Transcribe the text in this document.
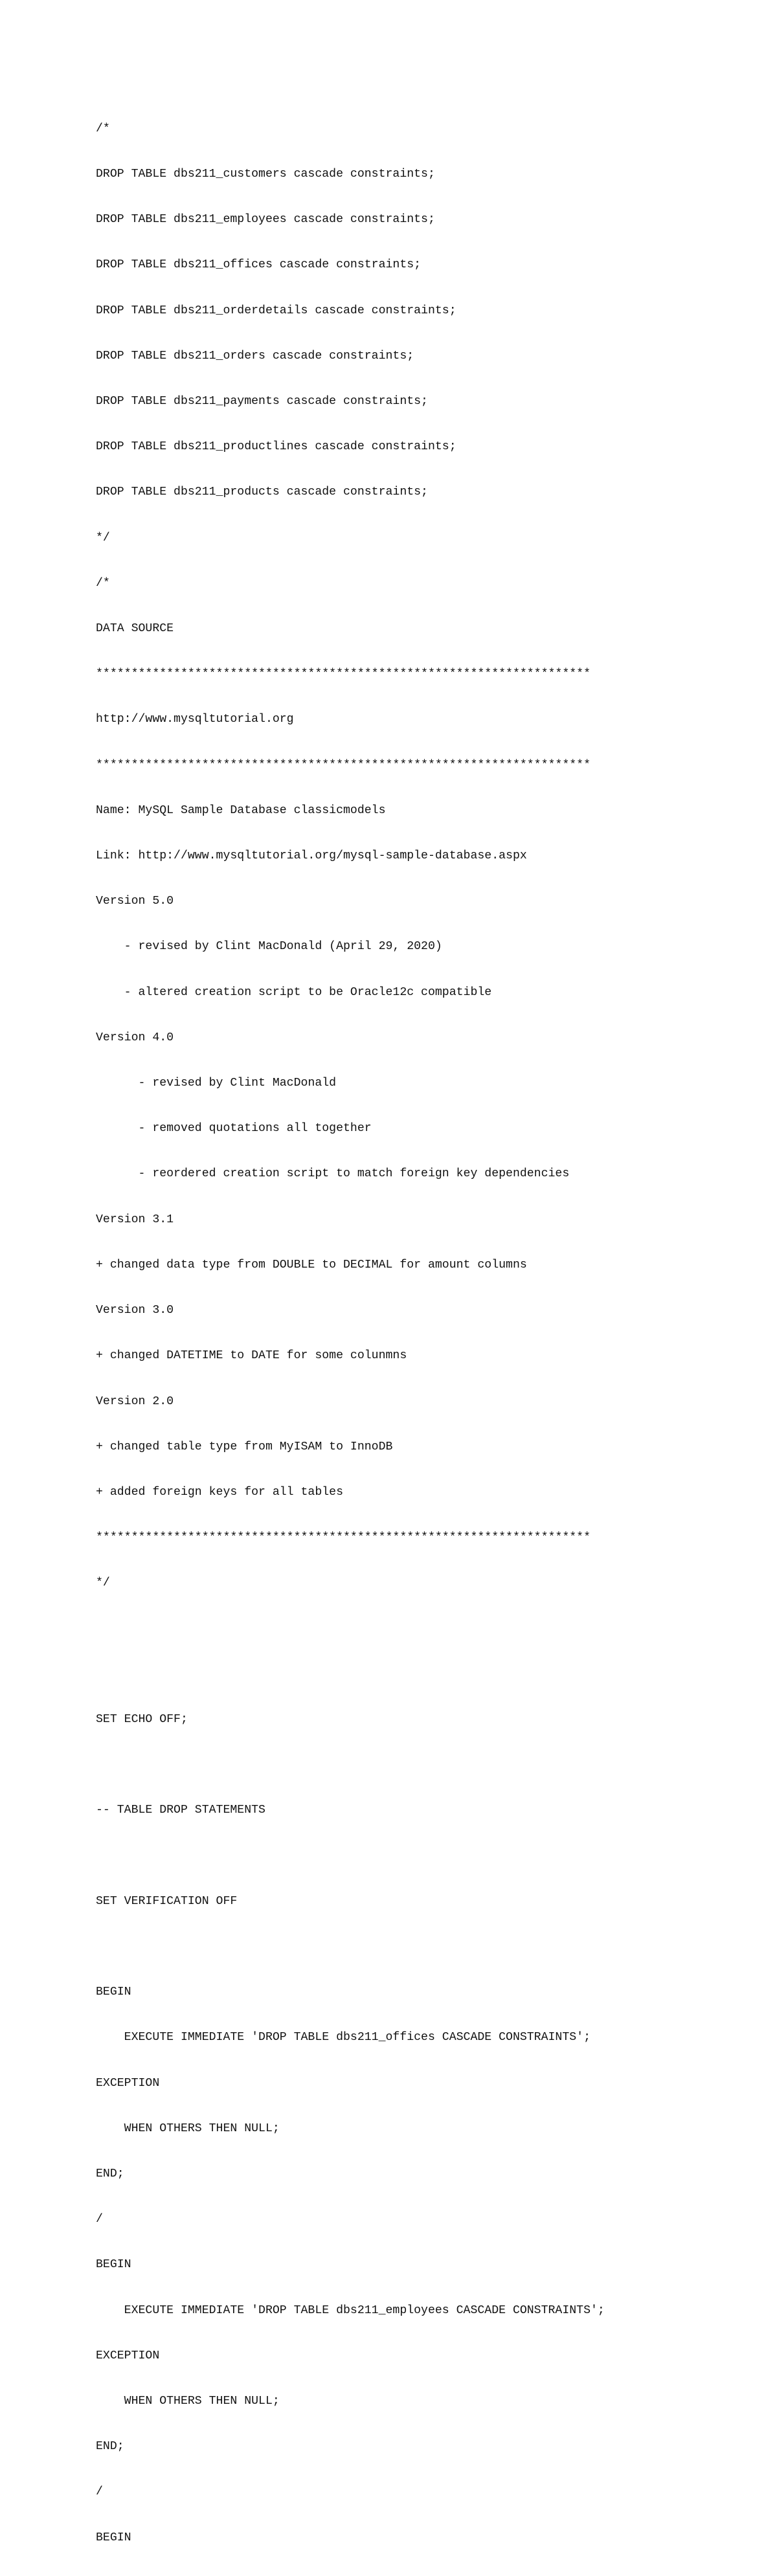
/*

DROP TABLE dbs211_customers cascade constraints;

DROP TABLE dbs211_employees cascade constraints;

DROP TABLE dbs211_offices cascade constraints;

DROP TABLE dbs211_orderdetails cascade constraints;

DROP TABLE dbs211_orders cascade constraints;

DROP TABLE dbs211_payments cascade constraints;

DROP TABLE dbs211_productlines cascade constraints;

DROP TABLE dbs211_products cascade constraints;

*/

/*

DATA SOURCE

**********************************************************************

http://www.mysqltutorial.org

**********************************************************************

Name: MySQL Sample Database classicmodels

Link: http://www.mysqltutorial.org/mysql-sample-database.aspx

Version 5.0

- revised by Clint MacDonald (April 29, 2020)

- altered creation script to be Oracle12c compatible

Version 4.0

- revised by Clint MacDonald

- removed quotations all together

- reordered creation script to match foreign key dependencies

Version 3.1

+ changed data type from DOUBLE to DECIMAL for amount columns

Version 3.0

+ changed DATETIME to DATE for some colunmns

Version 2.0

+ changed table type from MyISAM to InnoDB

+ added foreign keys for all tables

**********************************************************************

*/

SET ECHO OFF;

-- TABLE DROP STATEMENTS

SET VERIFICATION OFF

BEGIN

EXECUTE IMMEDIATE 'DROP TABLE dbs211_offices CASCADE CONSTRAINTS';

EXCEPTION

WHEN OTHERS THEN NULL;

END;

/

BEGIN

EXECUTE IMMEDIATE 'DROP TABLE dbs211_employees CASCADE CONSTRAINTS';

EXCEPTION

WHEN OTHERS THEN NULL;

END;

/

BEGIN
